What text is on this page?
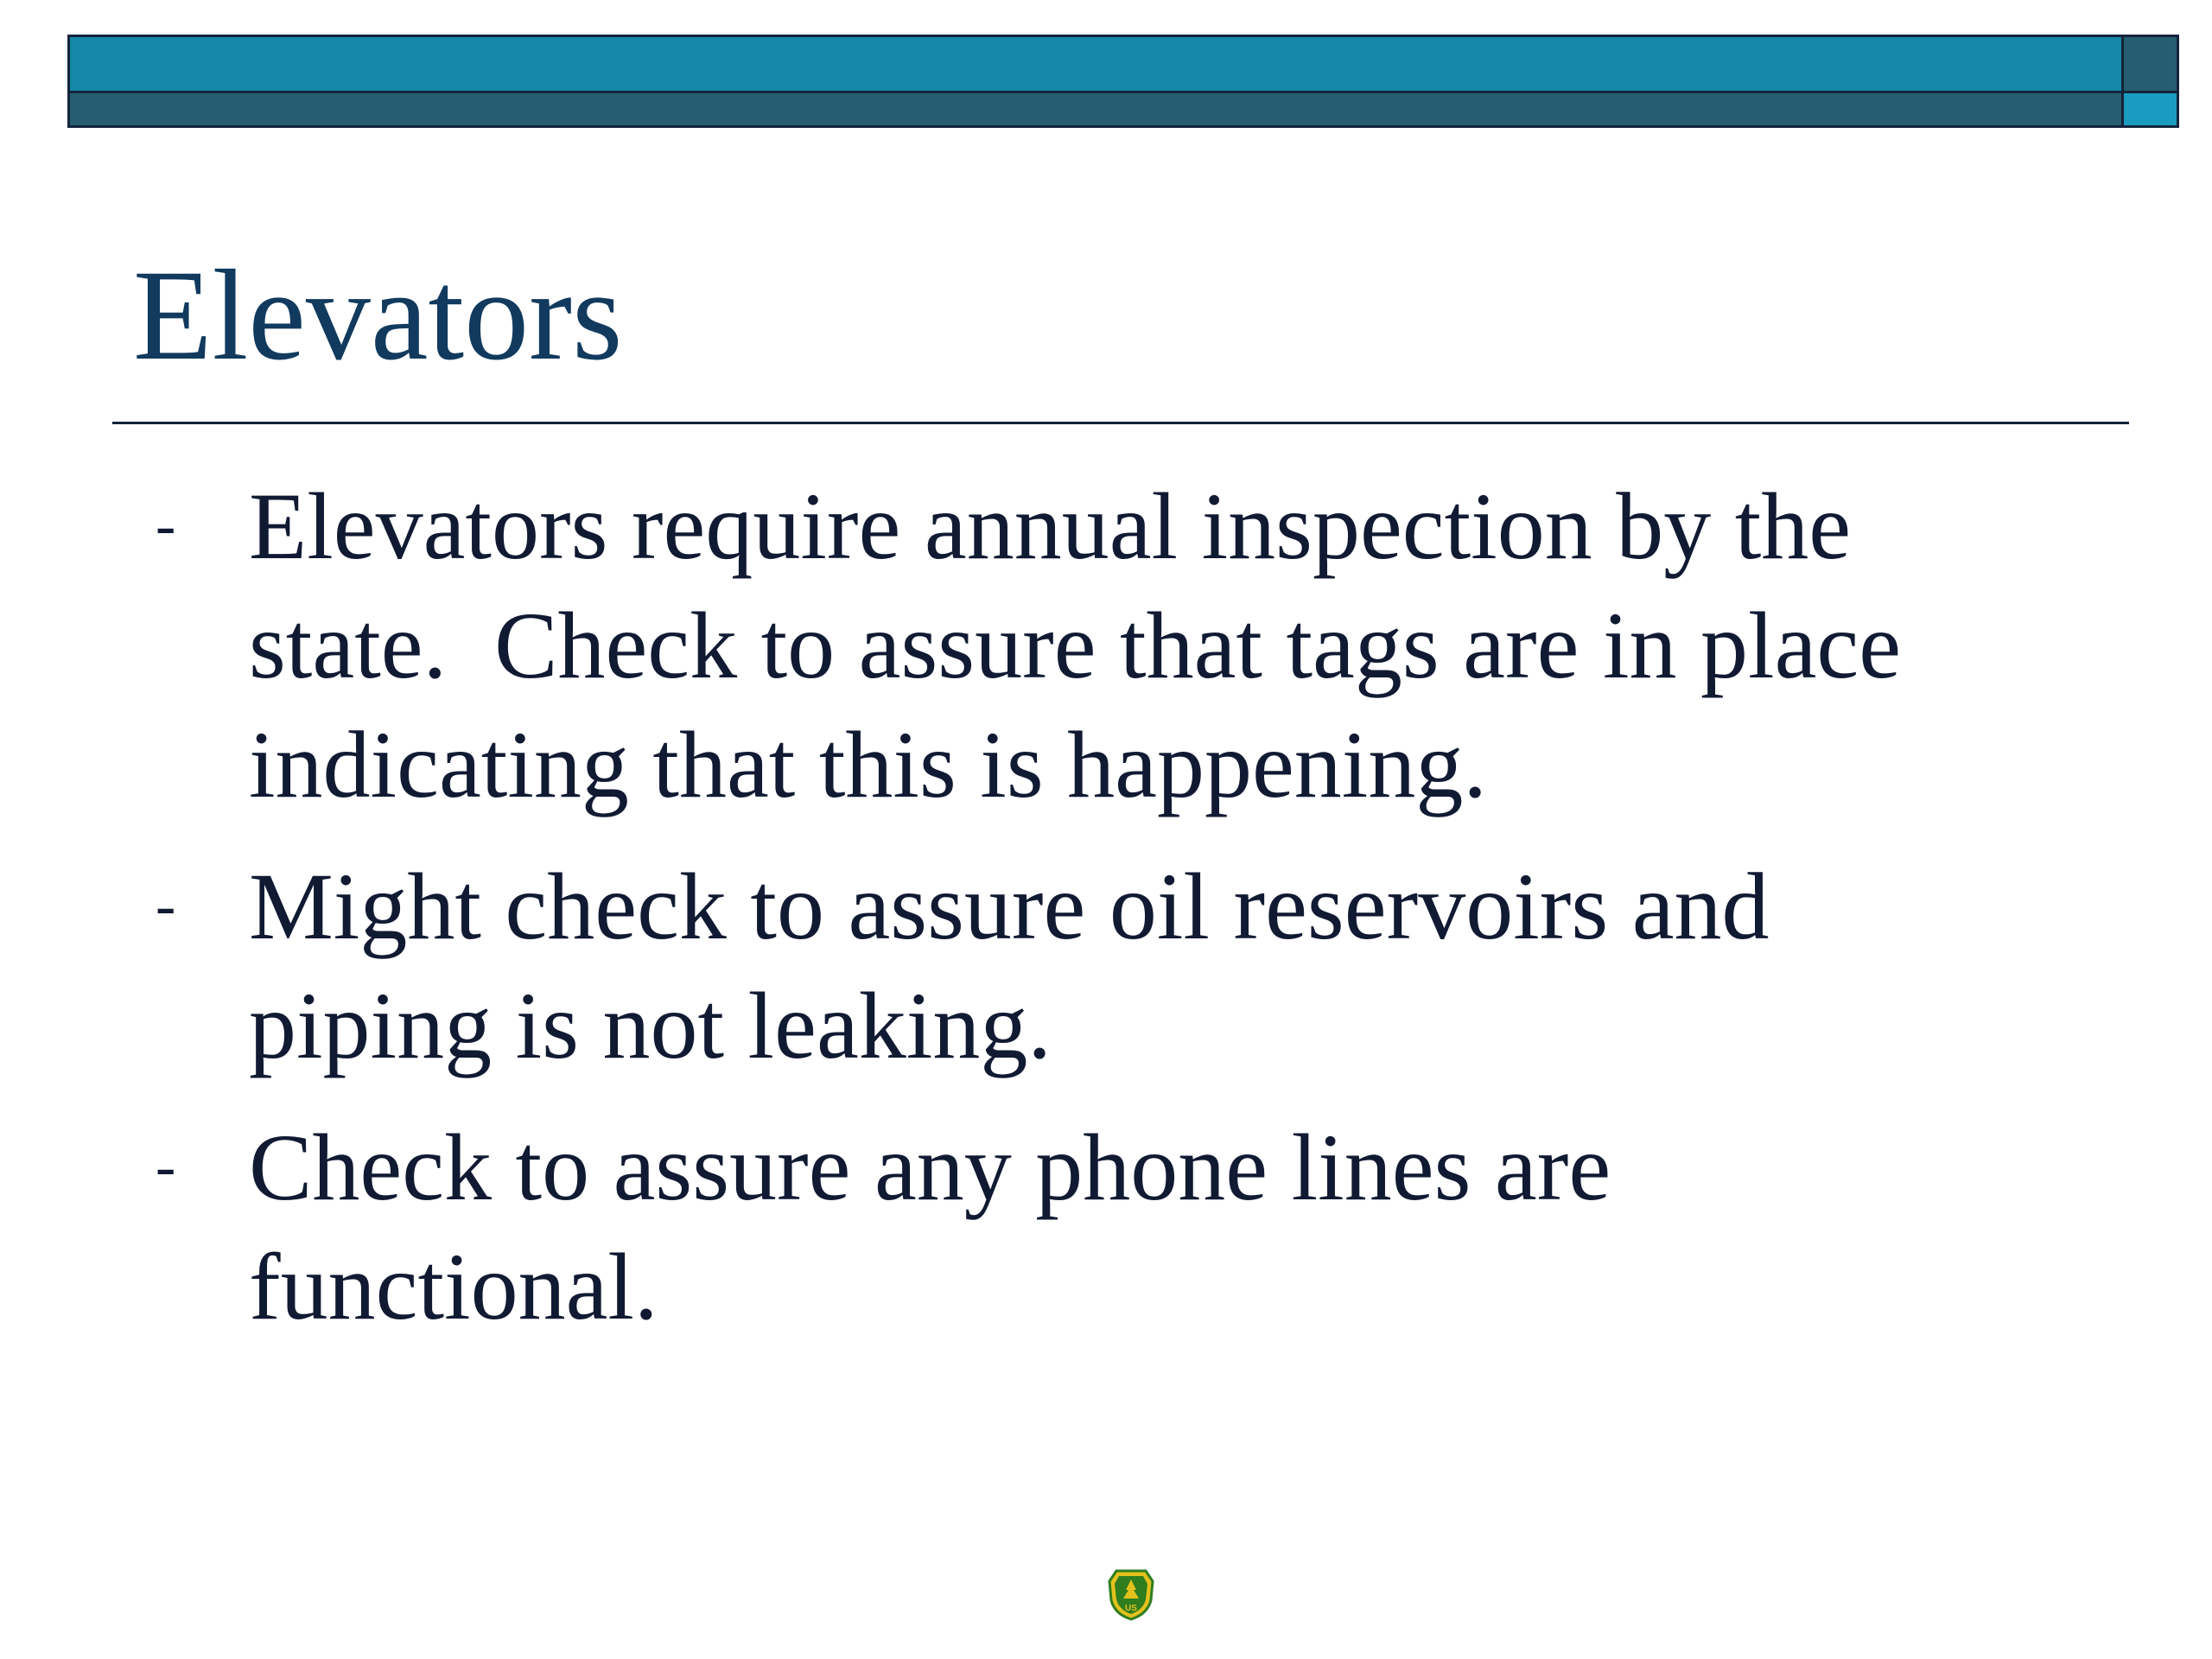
Elevators
- Elevators require annual inspection by the state.  Check to assure that tags are in place indicating that this is happening.
- Might check to assure oil reservoirs and piping is not leaking.
- Check to assure any phone lines are functional.
US
